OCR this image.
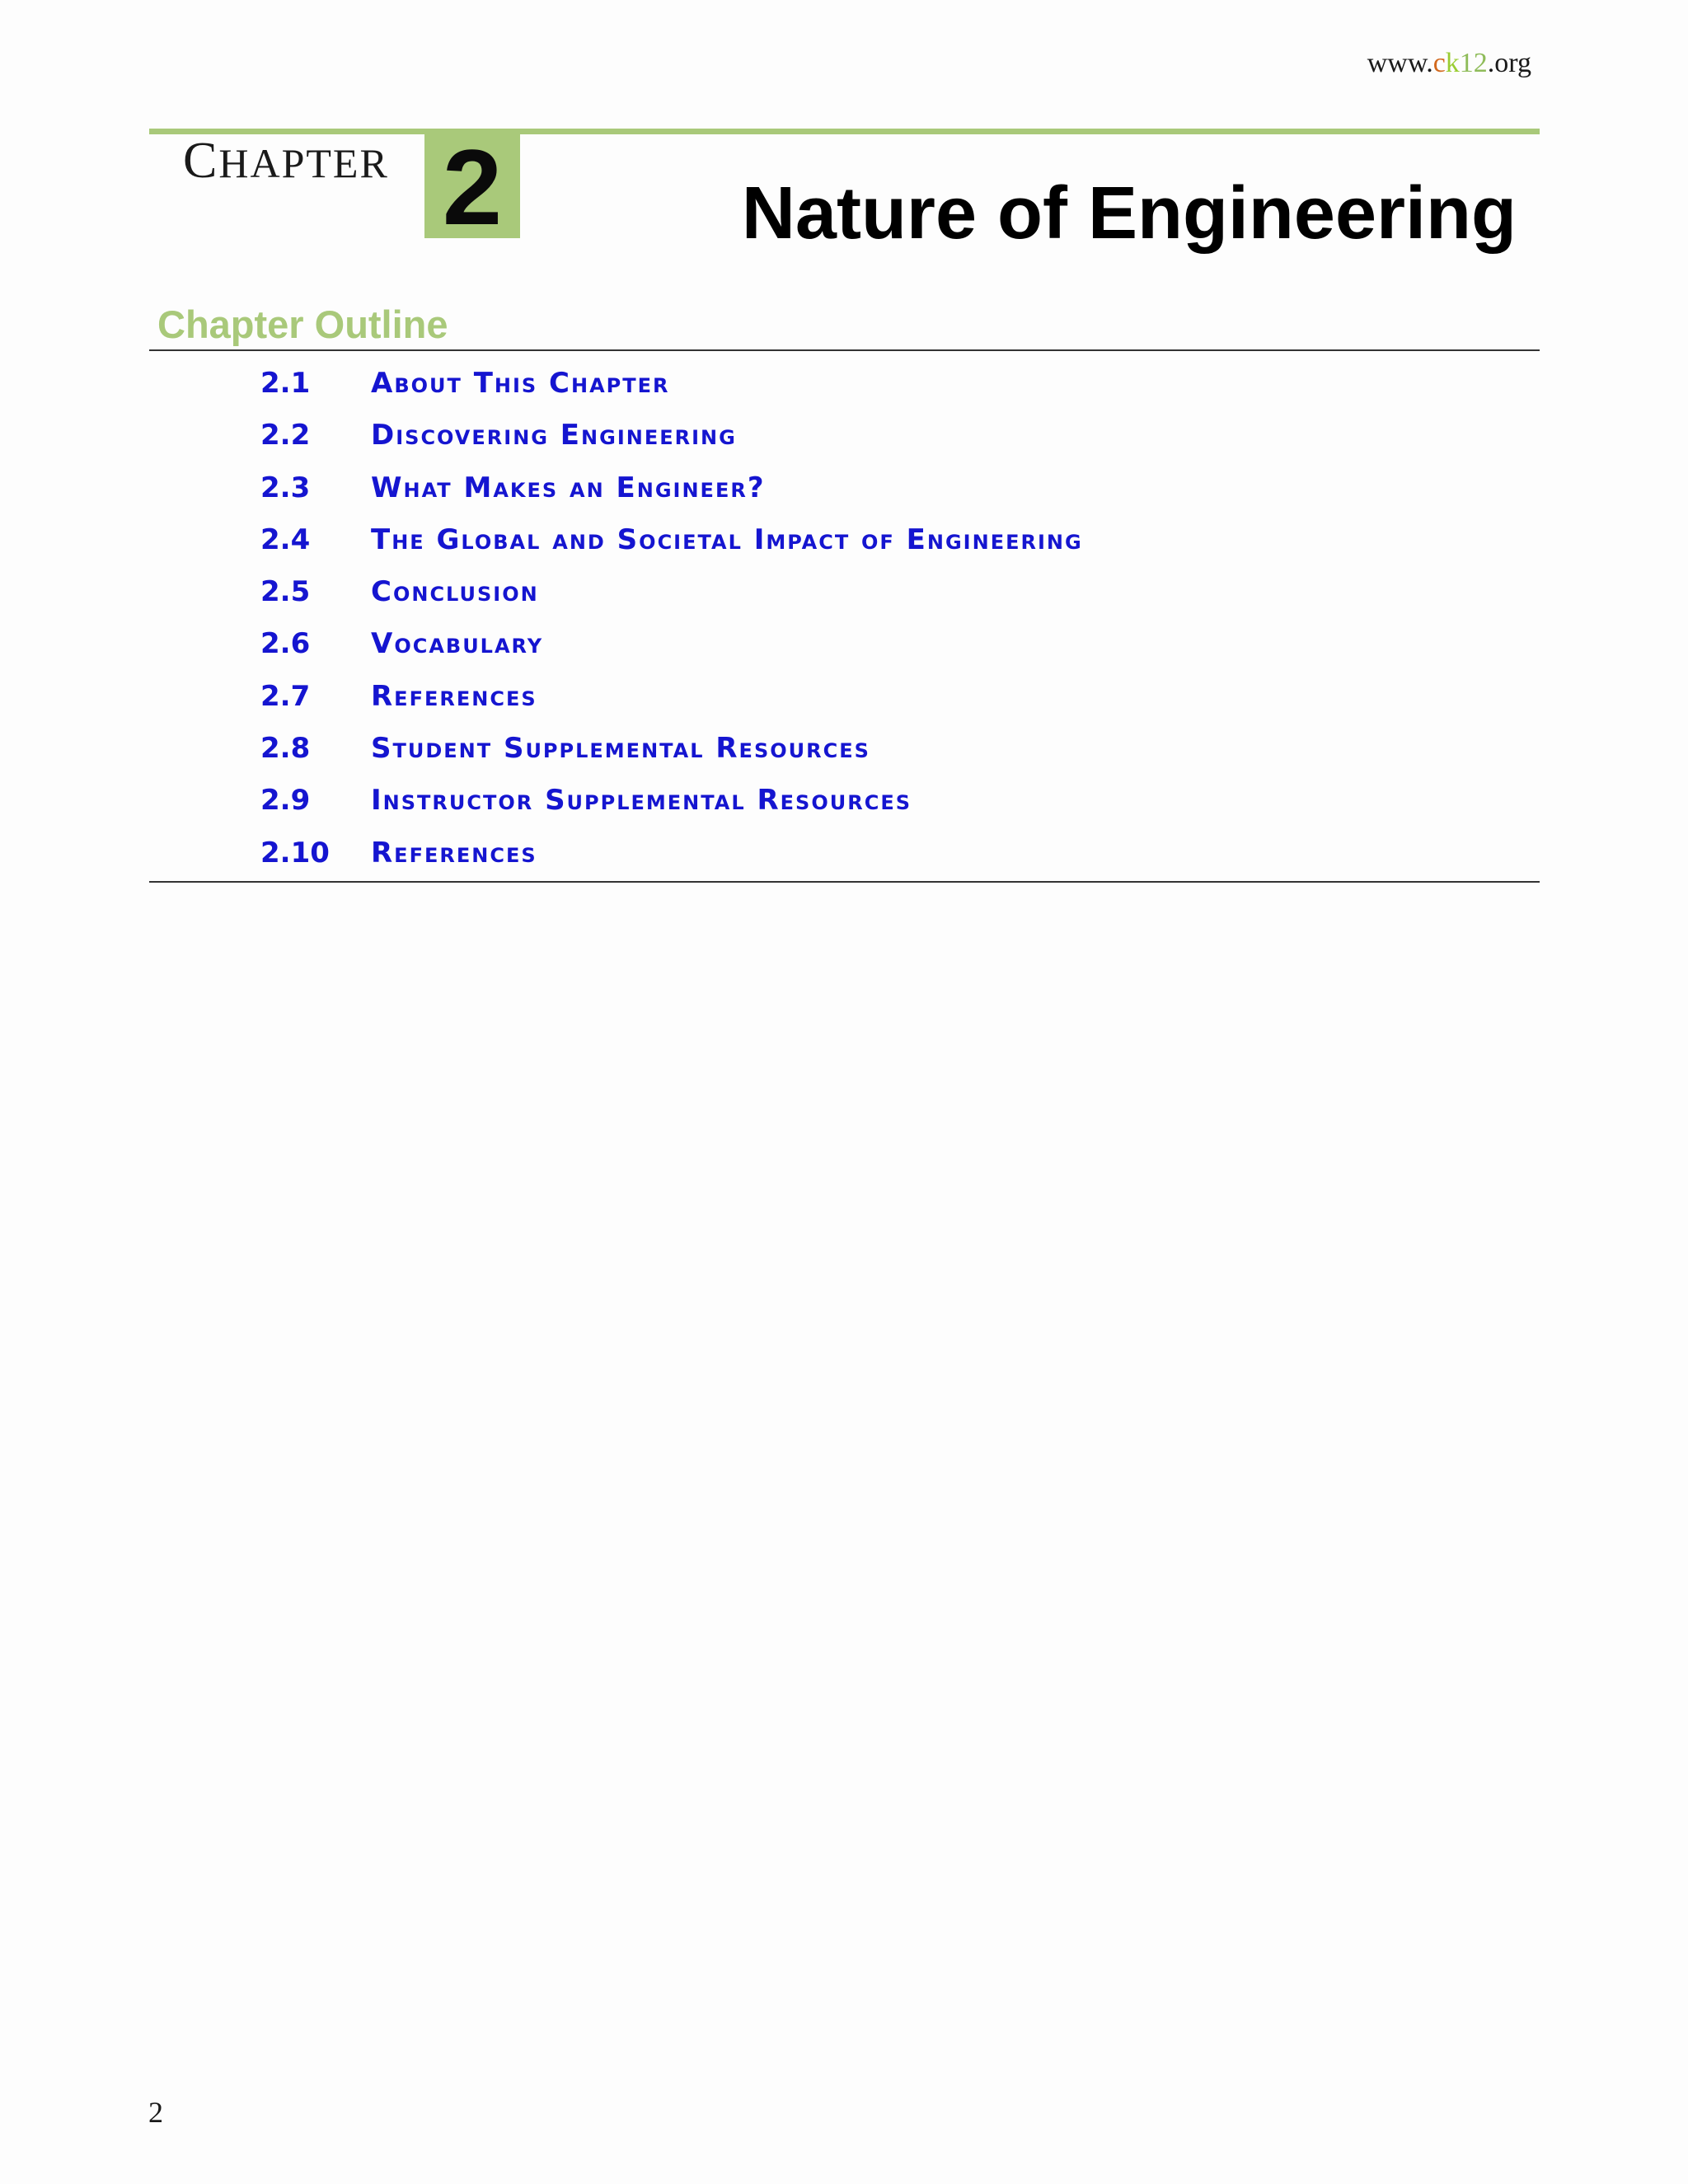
www.ck12.org
CHAPTER 2	Nature of Engineering
Chapter Outline
2.1 About This Chapter
2.2 Discovering Engineering
2.3 What Makes an Engineer?
2.4 The Global and Societal Impact of Engineering
2.5 Conclusion
2.6 Vocabulary
2.7 References
2.8 Student Supplemental Resources
2.9 Instructor Supplemental Resources
2.10 References
2
